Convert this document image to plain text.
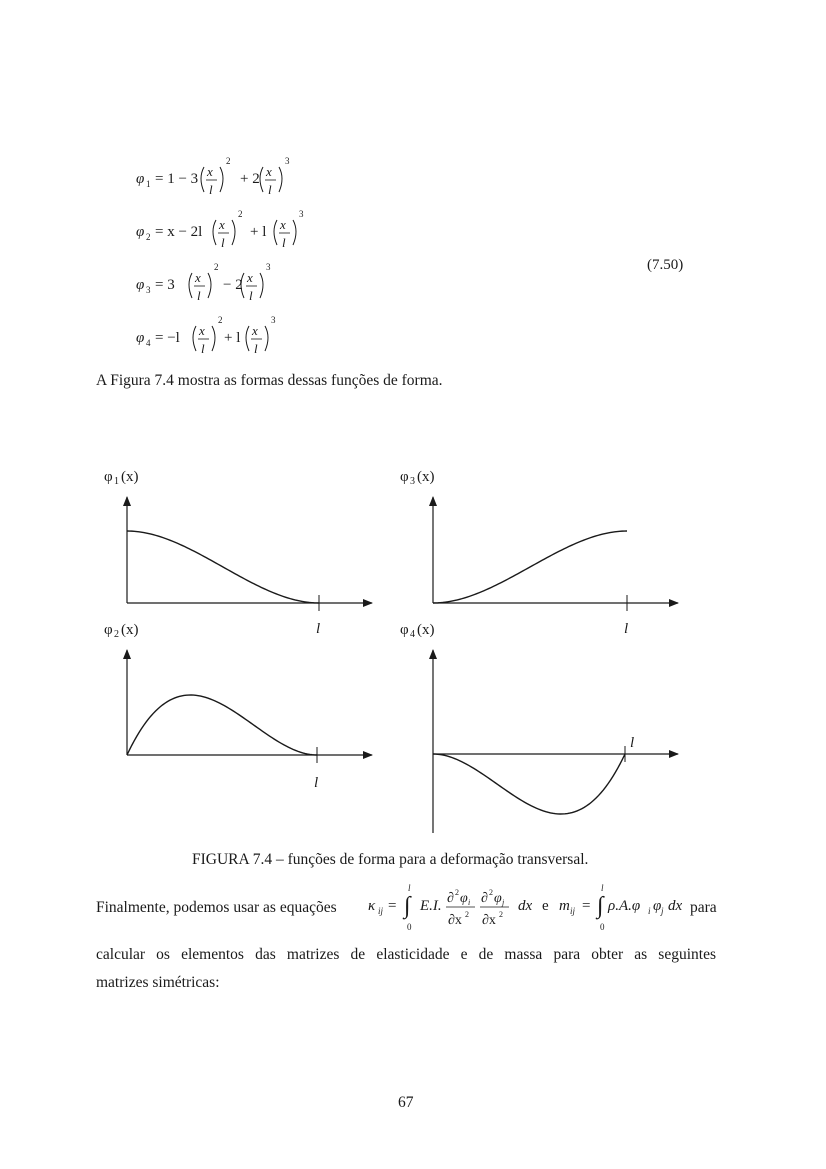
φ 1 = 1 − 3 x
l
2
+ 2 x
l
3
φ 2 = x − 2l x
l
2
+ l x
l
3
φ 3 = 3 x
l
2
− 2 x
l
3	(7.50)
φ 4 = −l x
l
2
+ l x
l
3
A Figura 7.4 mostra as formas dessas funções de forma.
φ 1 (x)
l
φ 3 (x)
l
φ 2 (x)
l
φ 4 (x)
l
FIGURA 7.4 – funções de forma para a deformação transversal.
Finalmente, podemos usar as equações κ ij = ∫
l
0
E.I. ∂ 2 φ i
∂x 2
∂ 2 φ j
∂x 2
dx e m ij = ∫
l
0
ρ.A.φ i φ j dx para
calcular os elementos das matrizes de elasticidade e de massa para obter as seguintes
matrizes simétricas:
67
